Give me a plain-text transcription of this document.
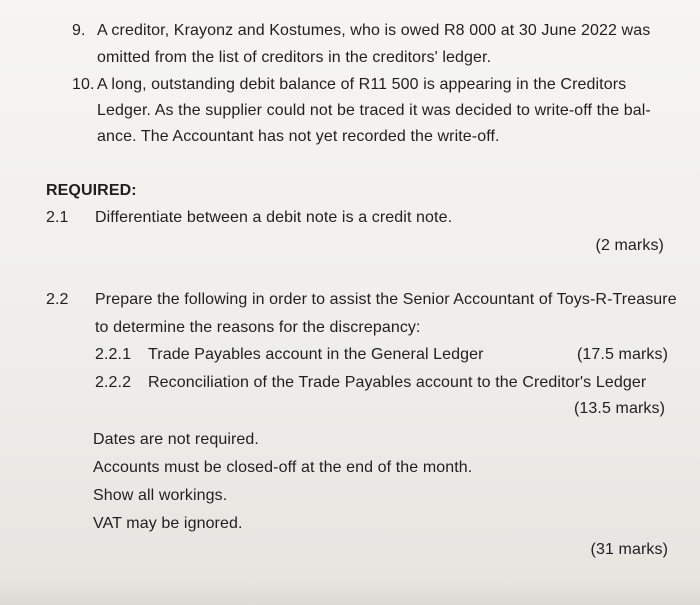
9. A creditor, Krayonz and Kostumes, who is owed R8 000 at 30 June 2022 was
omitted from the list of creditors in the creditors' ledger.
10. A long, outstanding debit balance of R11 500 is appearing in the Creditors
Ledger. As the supplier could not be traced it was decided to write-off the bal-
ance. The Accountant has not yet recorded the write-off.
REQUIRED:
2.1 Differentiate between a debit note is a credit note.
(2 marks)
2.2 Prepare the following in order to assist the Senior Accountant of Toys-R-Treasure
to determine the reasons for the discrepancy:
2.2.1 Trade Payables account in the General Ledger	(17.5 marks)
2.2.2 Reconciliation of the Trade Payables account to the Creditor's Ledger
(13.5 marks)
Dates are not required.
Accounts must be closed-off at the end of the month.
Show all workings.
VAT may be ignored.
(31 marks)
